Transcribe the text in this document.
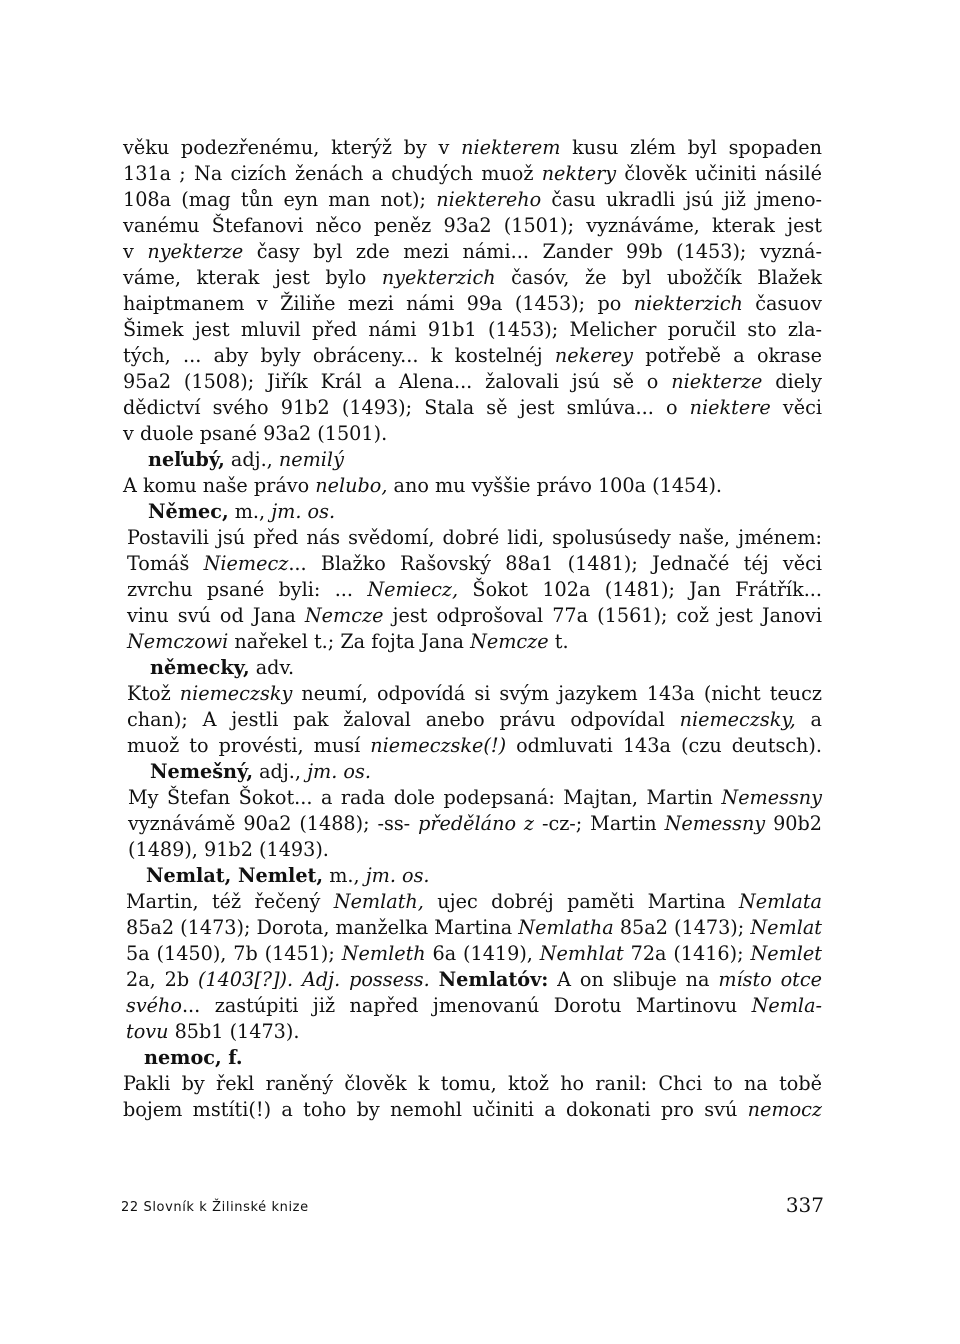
věku podezřenému, kterýž by v niekterem kusu zlém byl spopaden
131a ; Na cizích ženách a chudých muož nektery člověk učiniti násilé
108a (mag tůn eyn man not); niektereho času ukradli jsú již jmeno-
vanému Štefanovi něco peněz 93a2 (1501); vyznáváme, kterak jest
v nyekterze časy byl zde mezi námi... Zander 99b (1453); vyzná-
váme, kterak jest bylo nyekterzich časóv, že byl ubožčík Blažek
haiptmanem v Žiliňe mezi námi 99a (1453); po niekterzich časuov
Šimek jest mluvil před námi 91b1 (1453); Melicher poručil sto zla-
tých, ... aby byly obráceny... k kostelnéj nekerey potřebě a okrase
95a2 (1508); Jiřík Král a Alena... žalovali jsú sě o niekterze diely
dědictví svého 91b2 (1493); Stala sě jest smlúva... o niektere věci
v duole psané 93a2 (1501).
neľubý, adj., nemilý
A komu naše právo nelubo, ano mu vyššie právo 100a (1454).
Němec, m., jm. os.
Postavili jsú před nás svědomí, dobré lidi, spolusúsedy naše, jménem:
Tomáš Niemecz... Blažko Rašovský 88a1 (1481); Jednačé téj věci
zvrchu psané byli: ... Nemiecz, Šokot 102a (1481); Jan Frátřík...
vinu svú od Jana Nemcze jest odprošoval 77a (1561); což jest Janovi
Nemczowi nařekel t.; Za fojta Jana Nemcze t.
německy, adv.
Ktož niemeczsky neumí, odpovídá si svým jazykem 143a (nicht teucz
chan); A jestli pak žaloval anebo právu odpovídal niemeczsky, a
muož to provésti, musí niemeczske(!) odmluvati 143a (czu deutsch).
Nemešný, adj., jm. os.
My Štefan Šokot... a rada dole podepsaná: Majtan, Martin Nemessny
vyznávámě 90a2 (1488); -ss- předěláno z -cz-; Martin Nemessny 90b2
(1489), 91b2 (1493).
Nemlat, Nemlet, m., jm. os.
Martin, též řečený Nemlath, ujec dobréj paměti Martina Nemlata
85a2 (1473); Dorota, manželka Martina Nemlatha 85a2 (1473); Nemlat
5a (1450), 7b (1451); Nemleth 6a (1419), Nemhlat 72a (1416); Nemlet
2a, 2b (1403[?]). Adj. possess. Nemlatóv: A on slibuje na místo otce
svého... zastúpiti již napřed jmenovanú Dorotu Martinovu Nemla-
tovu 85b1 (1473).
nemoc, f.
Pakli by řekl raněný člověk k tomu, ktož ho ranil: Chci to na tobě
bojem mstíti(!) a toho by nemohl učiniti a dokonati pro svú nemocz
22 Slovník k Žilinské knize	337
